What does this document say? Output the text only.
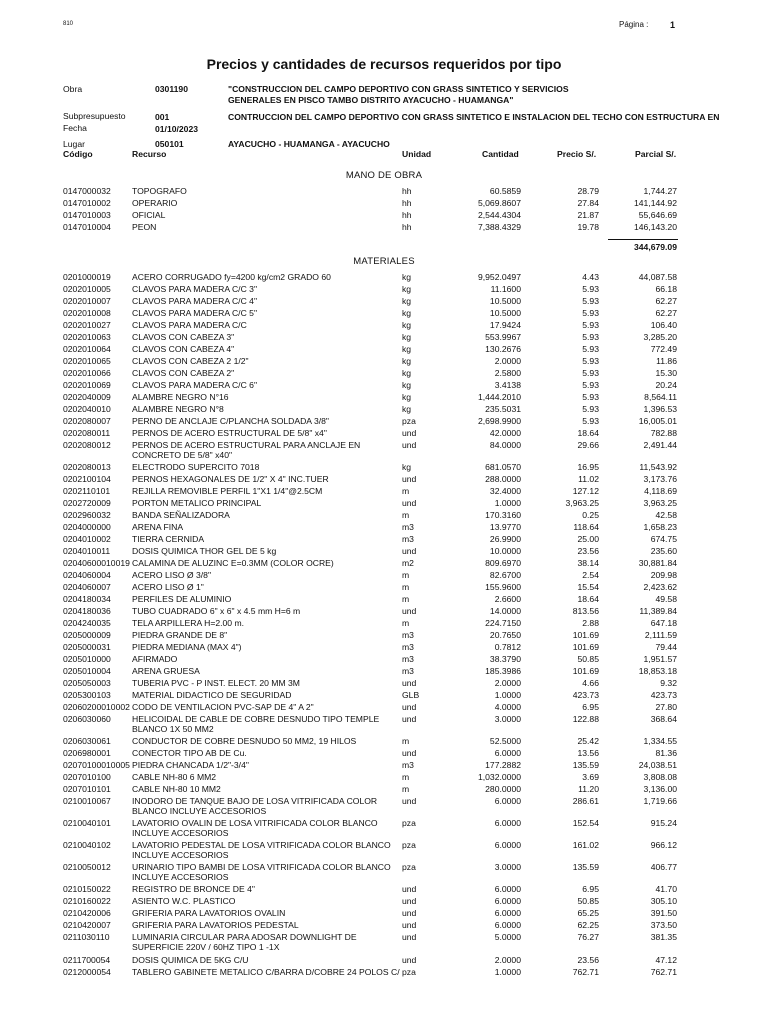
810	Página : 1
Precios y cantidades de recursos requeridos por tipo
Obra	0301190	"CONSTRUCCION DEL CAMPO DEPORTIVO CON GRASS SINTETICO Y SERVICIOS
GENERALES EN PISCO TAMBO DISTRITO AYACUCHO - HUAMANGA"
Subpresupuesto	001	CONTRUCCION DEL CAMPO DEPORTIVO CON GRASS SINTETICO E INSTALACION DEL TECHO CON ESTRUCTURA EN
Fecha	01/10/2023
Lugar	050101	AYACUCHO - HUAMANGA - AYACUCHO
Código	Recurso	Unidad	Cantidad	Precio S/.	Parcial S/.
MANO DE OBRA
0147000032 TOPOGRAFO	hh	60.5859	28.79	1,744.27
0147010002 OPERARIO	hh	5,069.8607	27.84	141,144.92
0147010003 OFICIAL	hh	2,544.4304	21.87	55,646.69
0147010004 PEON	hh	7,388.4329	19.78	146,143.20
344,679.09
MATERIALES
0201000019 ACERO CORRUGADO fy=4200 kg/cm2 GRADO 60	kg	9,952.0497	4.43	44,087.58
0202010005 CLAVOS PARA MADERA C/C 3"	kg	11.1600	5.93	66.18
0202010007 CLAVOS PARA MADERA C/C 4"	kg	10.5000	5.93	62.27
0202010008 CLAVOS PARA MADERA C/C 5"	kg	10.5000	5.93	62.27
0202010027 CLAVOS PARA MADERA C/C	kg	17.9424	5.93	106.40
0202010063 CLAVOS CON CABEZA 3"	kg	553.9967	5.93	3,285.20
0202010064 CLAVOS CON CABEZA 4"	kg	130.2676	5.93	772.49
0202010065 CLAVOS CON CABEZA 2 1/2"	kg	2.0000	5.93	11.86
0202010066 CLAVOS CON CABEZA 2"	kg	2.5800	5.93	15.30
0202010069 CLAVOS PARA MADERA C/C 6"	kg	3.4138	5.93	20.24
0202040009 ALAMBRE NEGRO N°16	kg	1,444.2010	5.93	8,564.11
0202040010 ALAMBRE NEGRO N°8	kg	235.5031	5.93	1,396.53
0202080007 PERNO DE ANCLAJE C/PLANCHA SOLDADA 3/8"	pza	2,698.9900	5.93	16,005.01
0202080011	PERNOS DE ACERO ESTRUCTURAL DE 5/8" x4"	und	42.0000	18.64	782.88
0202080012 PERNOS DE ACERO ESTRUCTURAL PARA ANCLAJE EN	und	84.0000	29.66	2,491.44
CONCRETO DE 5/8" x40"
0202080013 ELECTRODO SUPERCITO 7018	kg	681.0570	16.95	11,543.92
0202100104 PERNOS HEXAGONALES DE 1/2" X 4" INC.TUER	und	288.0000	11.02	3,173.76
0202110101	REJILLA REMOVIBLE PERFIL 1"X1 1/4"@2.5CM	m	32.4000	127.12	4,118.69
0202720009 PORTON METALICO PRINCIPAL	und	1.0000	3,963.25	3,963.25
0202960032 BANDA SEÑALIZADORA	m	170.3160	0.25	42.58
0204000000 ARENA FINA	m3	13.9770	118.64	1,658.23
0204010002 TIERRA CERNIDA	m3	26.9900	25.00	674.75
0204010011	DOSIS QUIMICA THOR GEL DE 5 kg	und	10.0000	23.56	235.60
02040600010019 CALAMINA DE ALUZINC E=0.3MM (COLOR OCRE)	m2	809.6970	38.14	30,881.84
0204060004 ACERO LISO Ø 3/8"	m	82.6700	2.54	209.98
0204060007 ACERO LISO Ø 1"	m	155.9600	15.54	2,423.62
0204180034 PERFILES DE ALUMINIO	m	2.6600	18.64	49.58
0204180036 TUBO CUADRADO 6" x 6" x 4.5 mm H=6 m	und	14.0000	813.56	11,389.84
0204240035 TELA ARPILLERA H=2.00 m.	m	224.7150	2.88	647.18
0205000009 PIEDRA GRANDE DE 8"	m3	20.7650	101.69	2,111.59
0205000031 PIEDRA MEDIANA (MAX 4")	m3	0.7812	101.69	79.44
0205010000 AFIRMADO	m3	38.3790	50.85	1,951.57
0205010004 ARENA GRUESA	m3	185.3986	101.69	18,853.18
0205050003 TUBERIA PVC - P INST. ELECT. 20 MM 3M	und	2.0000	4.66	9.32
0205300103 MATERIAL DIDACTICO DE SEGURIDAD	GLB	1.0000	423.73	423.73
02060200010002 CODO DE VENTILACION PVC-SAP DE 4" A 2"	und	4.0000	6.95	27.80
0206030060 HELICOIDAL DE CABLE DE COBRE DESNUDO TIPO TEMPLE	und	3.0000	122.88	368.64
BLANCO 1X 50 MM2
0206030061 CONDUCTOR DE COBRE DESNUDO 50 MM2, 19 HILOS	m	52.5000	25.42	1,334.55
0206980001 CONECTOR TIPO AB DE Cu.	und	6.0000	13.56	81.36
02070100010005 PIEDRA CHANCADA 1/2"-3/4"	m3	177.2882	135.59	24,038.51
0207010100 CABLE NH-80 6 MM2	m	1,032.0000	3.69	3,808.08
0207010101 CABLE NH-80 10 MM2	m	280.0000	11.20	3,136.00
0210010067 INODORO DE TANQUE BAJO DE LOSA VITRIFICADA COLOR	und	6.0000	286.61	1,719.66
BLANCO INCLUYE ACCESORIOS
0210040101 LAVATORIO OVALIN DE LOSA VITRIFICADA COLOR BLANCO	pza	6.0000	152.54	915.24
INCLUYE ACCESORIOS
0210040102 LAVATORIO PEDESTAL DE LOSA VITRIFICADA COLOR BLANCO pza	6.0000	161.02	966.12
INCLUYE ACCESORIOS
0210050012 URINARIO TIPO BAMBI DE LOSA VITRIFICADA COLOR BLANCO pza	3.0000	135.59	406.77
INCLUYE ACCESORIOS
0210150022 REGISTRO DE BRONCE DE 4"	und	6.0000	6.95	41.70
0210160022 ASIENTO W.C. PLASTICO	und	6.0000	50.85	305.10
0210420006 GRIFERIA PARA LAVATORIOS OVALIN	und	6.0000	65.25	391.50
0210420007 GRIFERIA PARA LAVATORIOS PEDESTAL	und	6.0000	62.25	373.50
0211030110	LUMINARIA CIRCULAR PARA ADOSAR DOWNLIGHT DE	und	5.0000	76.27	381.35
SUPERFICIE 220V / 60HZ TIPO 1 -1X
0211700054	DOSIS QUIMICA DE 5KG C/U	und	2.0000	23.56	47.12
0212000054 TABLERO GABINETE METALICO C/BARRA D/COBRE 24 POLOS C/ pza	1.0000	762.71	762.71
